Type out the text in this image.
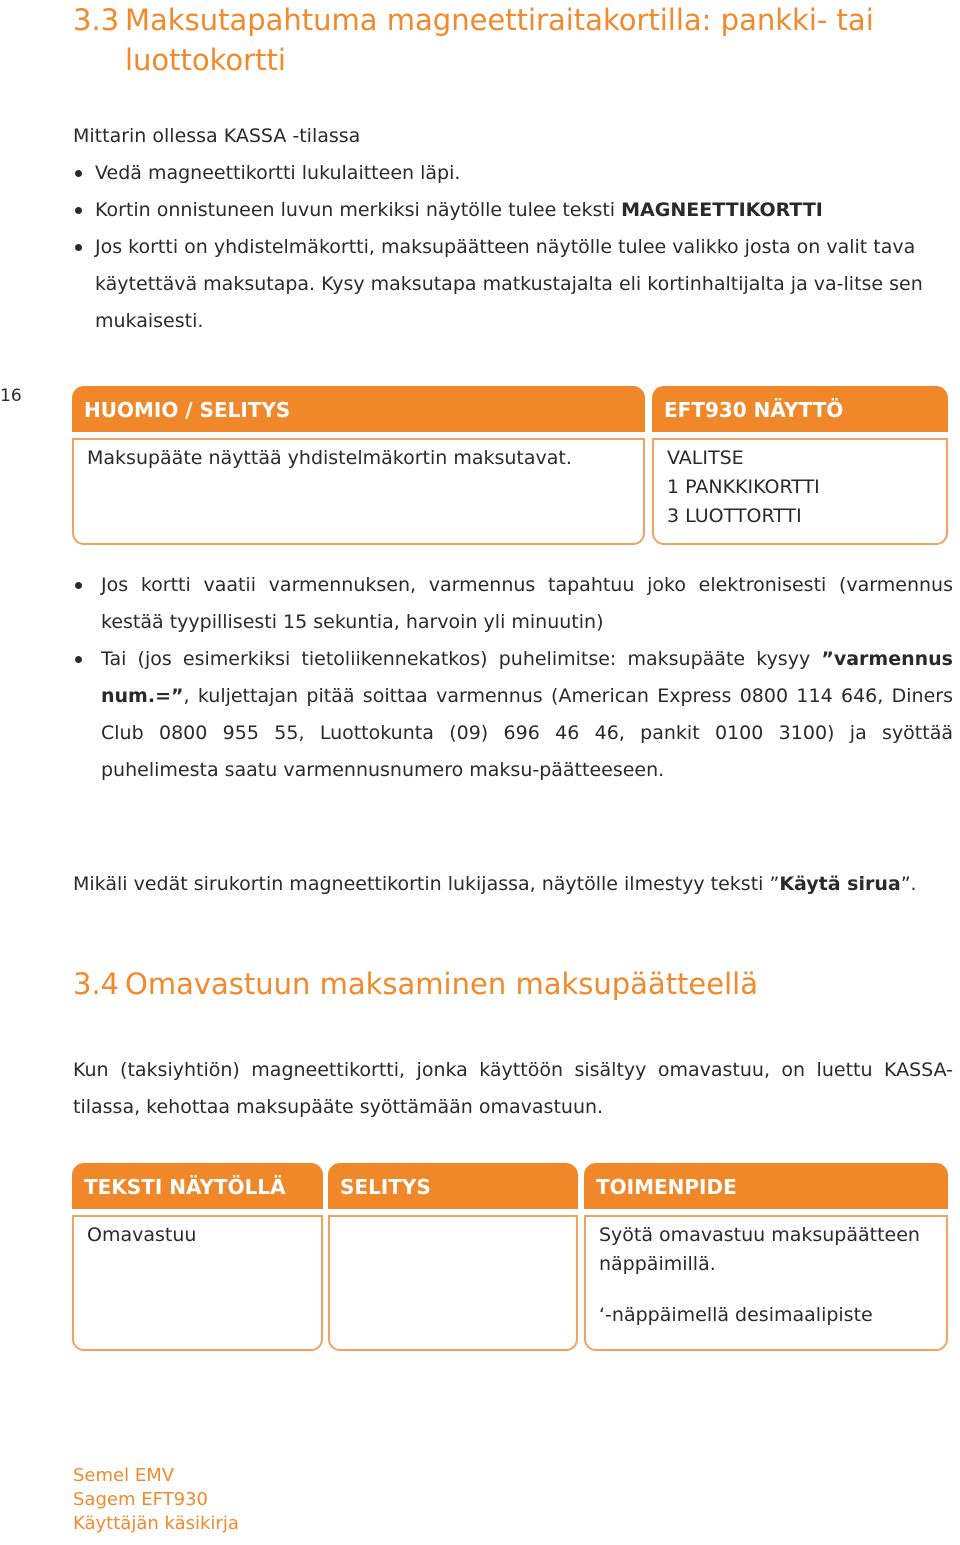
3.3 Maksutapahtuma magneettiraitakortilla: pankki- tai
luottokortti

Mittarin ollessa KASSA -tilassa

Vedä magneettikortti lukulaitteen läpi.
Kortin onnistuneen luvun merkiksi näytölle tulee teksti MAGNEETTIKORTTI
Jos kortti on yhdistelmäkortti, maksupäätteen näytölle tulee valikko josta on valit tava käytettävä maksutapa. Kysy maksutapa matkustajalta eli kortinhaltijalta ja va-litse sen mukaisesti.
16
HUOMIO / SELITYS
Maksupääte näyttää yhdistelmäkortin maksutavat.
EFT930 NÄYTTÖ
VALITSE
1 PANKKIKORTTI
3 LUOTTORTTI
Jos kortti vaatii varmennuksen, varmennus tapahtuu joko elektronisesti (varmennus kestää tyypillisesti 15 sekuntia, harvoin yli minuutin)
Tai (jos esimerkiksi tietoliikennekatkos) puhelimitse: maksupääte kysyy ”varmennus num.=”, kuljettajan pitää soittaa varmennus (American Express 0800 114 646, Diners Club 0800 955 55, Luottokunta (09) 696 46 46, pankit 0100 3100) ja syöttää puhelimesta saatu varmennusnumero maksu-päätteeseen.

Mikäli vedät sirukortin magneettikortin lukijassa, näytölle ilmestyy teksti ”Käytä sirua”.

3.4 Omavastuun maksaminen maksupäätteellä

Kun (taksiyhtiön) magneettikortti, jonka käyttöön sisältyy omavastuu, on luettu KASSA-tilassa, kehottaa maksupääte syöttämään omavastuun.

TEKSTI NÄYTÖLLÄ
Omavastuu
SELITYS	TOIMENPIDE
Syötä omavastuu maksupäätteen näppäimillä.
‘-näppäimellä desimaalipiste
Semel EMV
Sagem EFT930
Käyttäjän käsikirja
